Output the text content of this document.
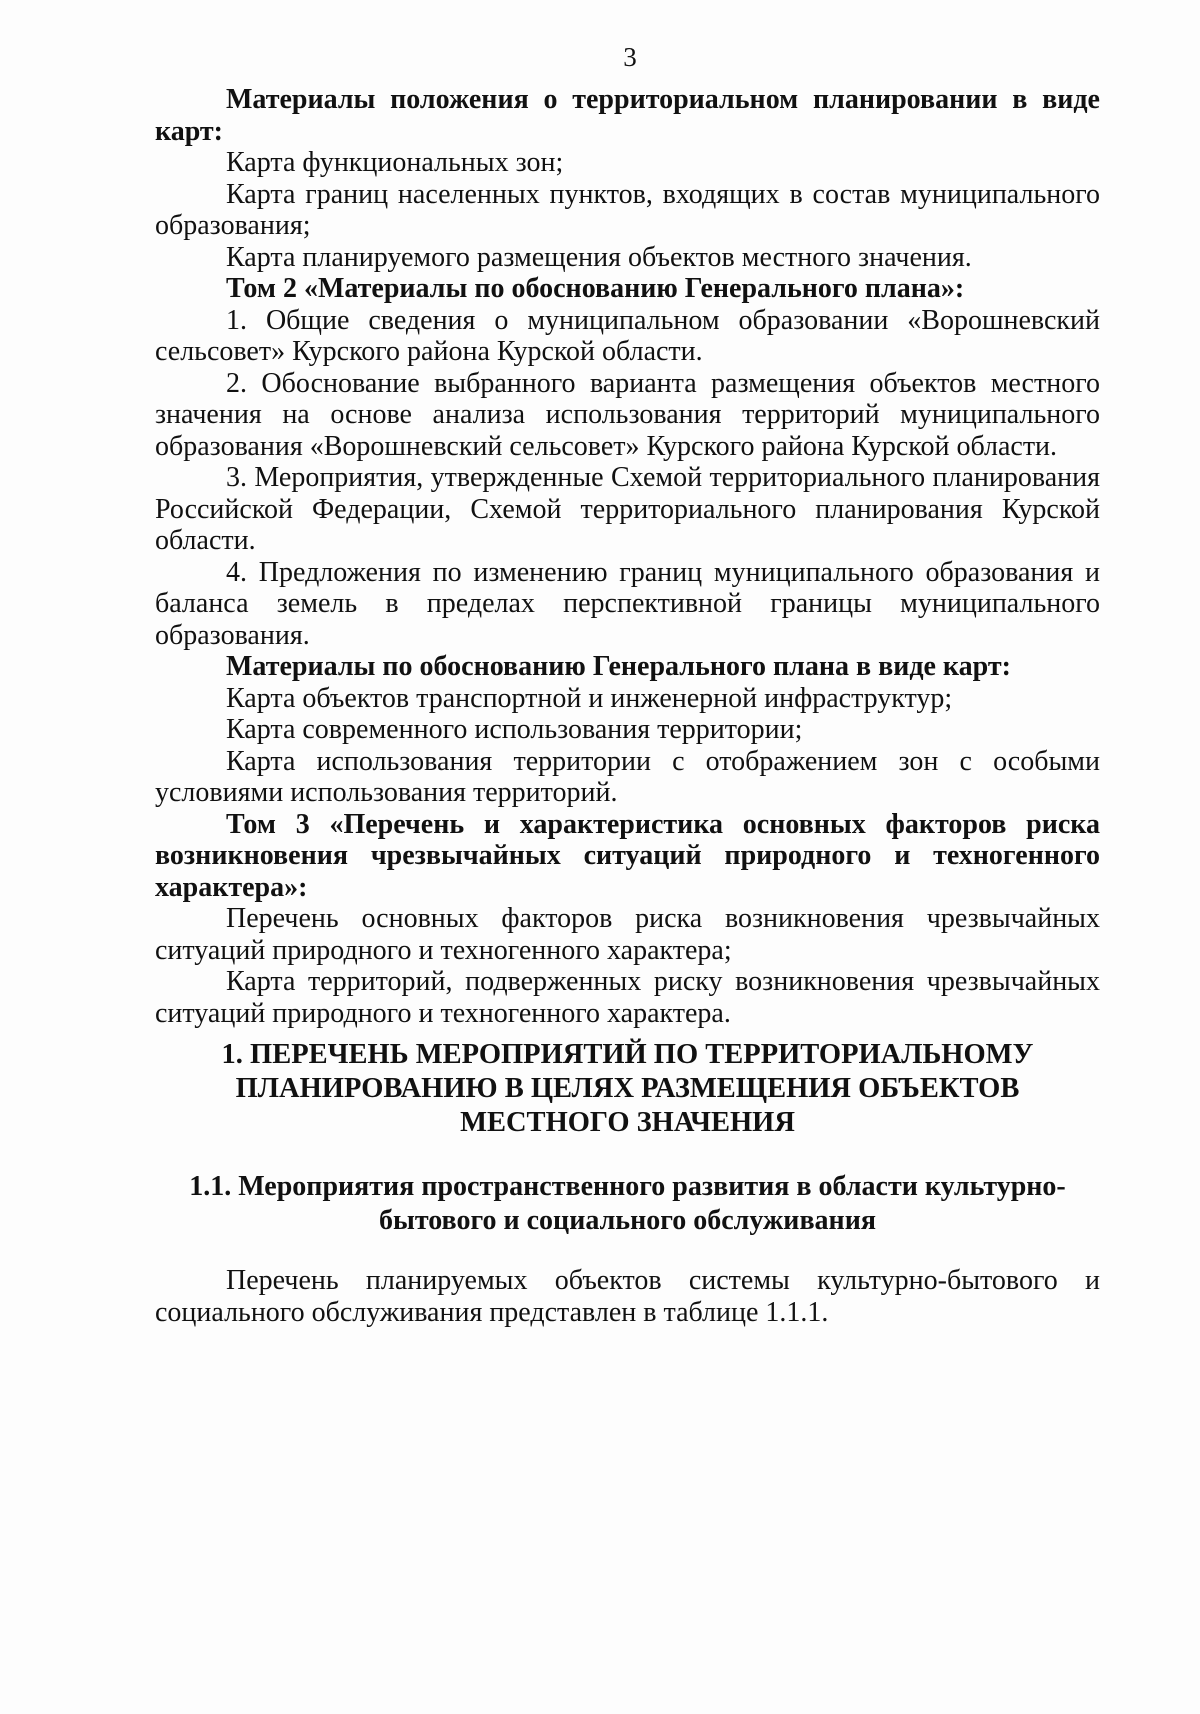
3

Материалы положения о территориальном планировании в виде карт:

Карта функциональных зон;

Карта границ населенных пунктов, входящих в состав муниципального образования;

Карта планируемого размещения объектов местного значения.

Том 2 «Материалы по обоснованию Генерального плана»:

1. Общие сведения о муниципальном образовании «Ворошневский сельсовет» Курского района Курской области.

2. Обоснование выбранного варианта размещения объектов местного значения на основе анализа использования территорий муниципального образования «Ворошневский сельсовет» Курского района Курской области.

3. Мероприятия, утвержденные Схемой территориального планирования Российской Федерации, Схемой территориального планирования Курской области.

4. Предложения по изменению границ муниципального образования и баланса земель в пределах перспективной границы муниципального образования.

Материалы по обоснованию Генерального плана в виде карт:

Карта объектов транспортной и инженерной инфраструктур;

Карта современного использования территории;

Карта использования территории с отображением зон с особыми условиями использования территорий.

Том 3 «Перечень и характеристика основных факторов риска возникновения чрезвычайных ситуаций природного и техногенного характера»:

Перечень основных факторов риска возникновения чрезвычайных ситуаций природного и техногенного характера;

Карта территорий, подверженных риску возникновения чрезвычайных ситуаций природного и техногенного характера.

1. ПЕРЕЧЕНЬ МЕРОПРИЯТИЙ ПО ТЕРРИТОРИАЛЬНОМУ
ПЛАНИРОВАНИЮ В ЦЕЛЯХ РАЗМЕЩЕНИЯ ОБЪЕКТОВ
МЕСТНОГО ЗНАЧЕНИЯ
1.1. Мероприятия пространственного развития в области культурно-
бытового и социального обслуживания

Перечень планируемых объектов системы культурно-бытового и социального обслуживания представлен в таблице 1.1.1.
